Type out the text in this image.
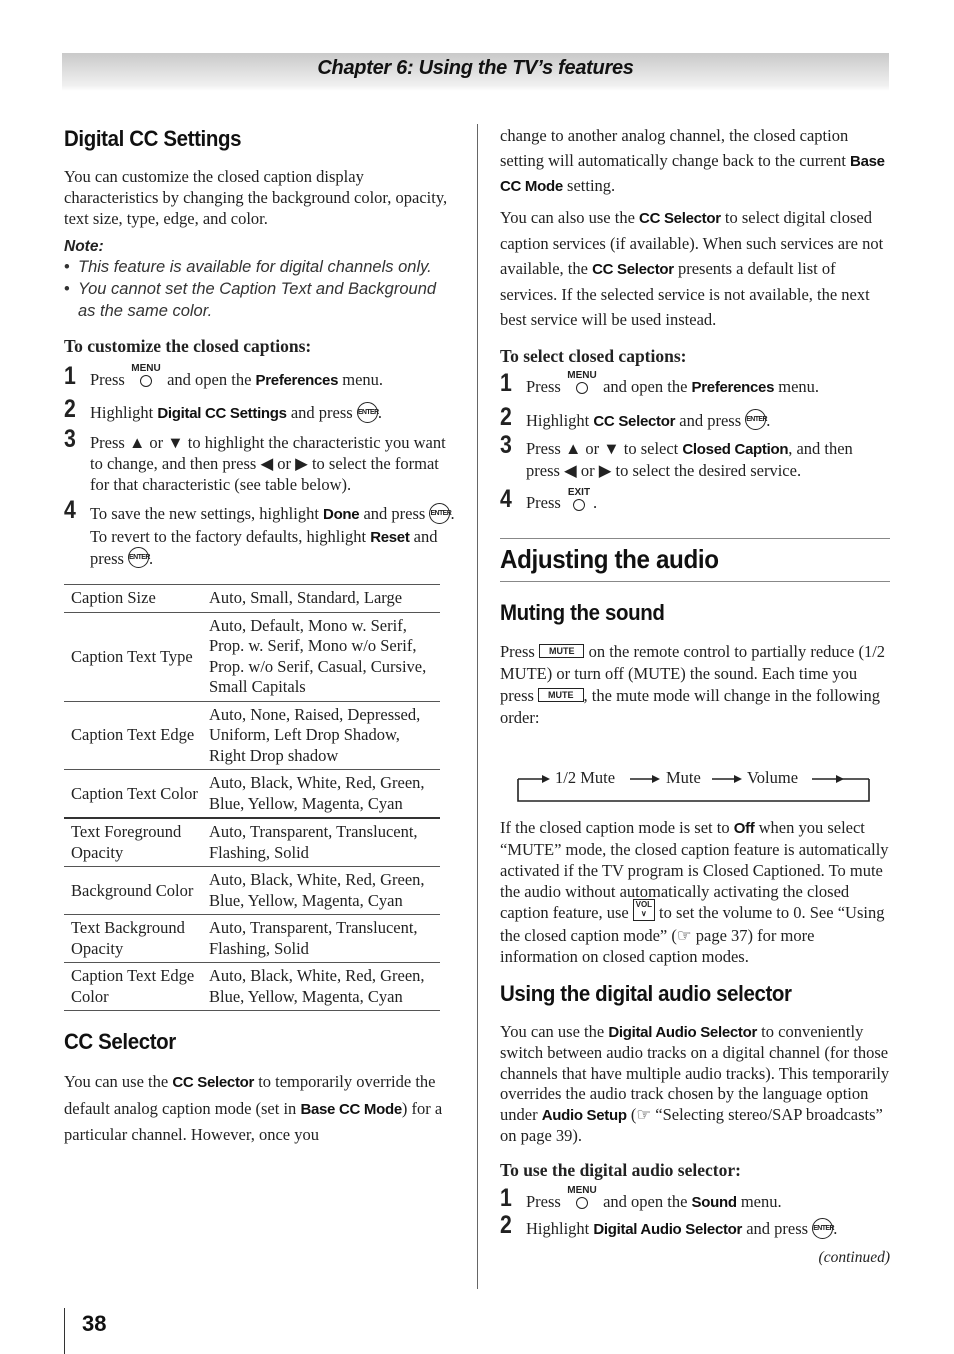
Chapter 6: Using the TV’s features
Digital CC Settings

You can customize the closed caption display characteristics by changing the background color, opacity, text size, type, edge, and color.

Note:
• This feature is available for digital channels only.
• You cannot set the Caption Text and Background as the same color.

To customize the closed captions:

1 Press MENU
and open the Preferences menu.
2 Highlight Digital CC Settings and press ENTER.
3 Press ▲ or ▼ to highlight the characteristic you want to change, and then press ◀ or ▶ to select the format for that characteristic (see table below).
4 To save the new settings, highlight Done and press ENTER. To revert to the factory defaults, highlight Reset and press ENTER.
Caption Size	Auto, Small, Standard, Large
Caption Text Type	Auto, Default, Mono w. Serif, Prop. w. Serif, Mono w/o Serif, Prop. w/o Serif, Casual, Cursive, Small Capitals
Caption Text Edge	Auto, None, Raised, Depressed, Uniform, Left Drop Shadow, Right Drop shadow
Caption Text Color	Auto, Black, White, Red, Green, Blue, Yellow, Magenta, Cyan
Text Foreground Opacity	Auto, Transparent, Translucent, Flashing, Solid
Background Color	Auto, Black, White, Red, Green, Blue, Yellow, Magenta, Cyan
Text Background Opacity	Auto, Transparent, Translucent, Flashing, Solid
Caption Text Edge Color	Auto, Black, White, Red, Green, Blue, Yellow, Magenta, Cyan
CC Selector

You can use the CC Selector to temporarily override the default analog caption mode (set in Base CC Mode) for a particular channel. However, once you

change to another analog channel, the closed caption setting will automatically change back to the current Base CC Mode setting.

You can also use the CC Selector to select digital closed caption services (if available). When such services are not available, the CC Selector presents a default list of services. If the selected service is not available, the next best service will be used instead.

To select closed captions:

1 Press MENU
and open the Preferences menu.
2 Highlight CC Selector and press ENTER.
3 Press ▲ or ▼ to select Closed Caption, and then press ◀ or ▶ to select the desired service.
4 Press EXIT
.
Adjusting the audio
Muting the sound

Press MUTE on the remote control to partially reduce (1/2 MUTE) or turn off (MUTE) the sound. Each time you press MUTE , the mute mode will change in the following order:

1/2 Mute	Mute	Volume

If the closed caption mode is set to Off when you select “MUTE” mode, the closed caption feature is automatically activated if the TV program is Closed Captioned. To mute the audio without automatically activating the closed caption feature, use VOL
∨ to set the volume to 0. See “Using the closed caption mode” (☞ page 37) for more information on closed caption modes.

Using the digital audio selector

You can use the Digital Audio Selector to conveniently switch between audio tracks on a digital channel (for those channels that have multiple audio tracks). This temporarily overrides the audio track chosen by the language option under Audio Setup (☞ “Selecting stereo/SAP broadcasts” on page 39).

To use the digital audio selector:

1 Press MENU
and open the Sound menu.
2 Highlight Digital Audio Selector and press ENTER.
(continued)
38
